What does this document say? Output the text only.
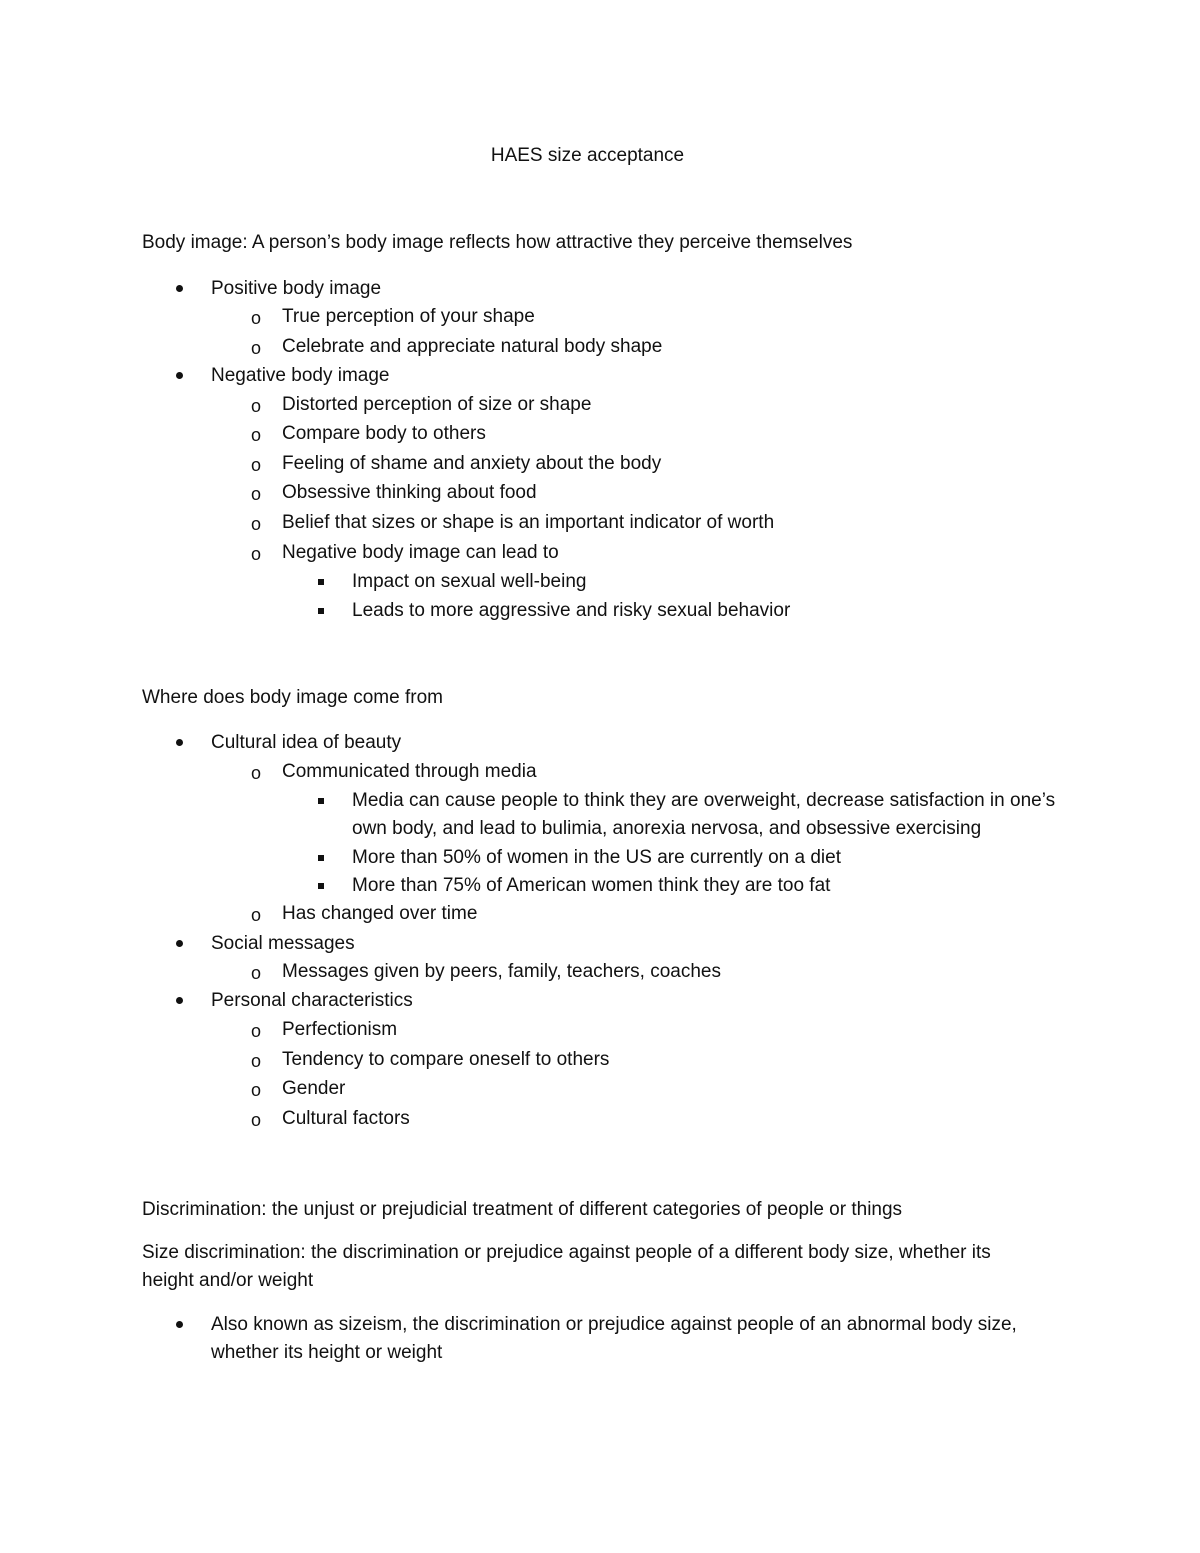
HAES size acceptance
Body image: A person’s body image reflects how attractive they perceive themselves
Positive body image
o True perception of your shape
o Celebrate and appreciate natural body shape
Negative body image
o Distorted perception of size or shape
o Compare body to others
o Feeling of shame and anxiety about the body
o Obsessive thinking about food
o Belief that sizes or shape is an important indicator of worth
o Negative body image can lead to
Impact on sexual well-being
Leads to more aggressive and risky sexual behavior
Where does body image come from
Cultural idea of beauty
o Communicated through media
Media can cause people to think they are overweight, decrease satisfaction in one’s own body, and lead to bulimia, anorexia nervosa, and obsessive exercising
More than 50% of women in the US are currently on a diet
More than 75% of American women think they are too fat
o Has changed over time
Social messages
o Messages given by peers, family, teachers, coaches
Personal characteristics
o Perfectionism
o Tendency to compare oneself to others
o Gender
o Cultural factors
Discrimination: the unjust or prejudicial treatment of different categories of people or things
Size discrimination: the discrimination or prejudice against people of a different body size, whether its height and/or weight
Also known as sizeism, the discrimination or prejudice against people of an abnormal body size, whether its height or weight
